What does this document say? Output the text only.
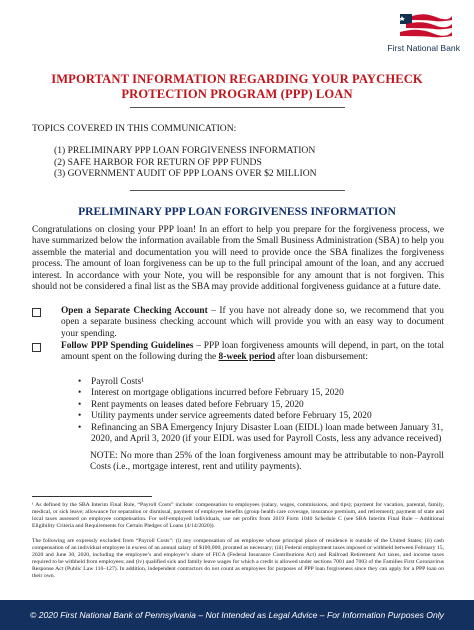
First National Bank
IMPORTANT INFORMATION REGARDING YOUR PAYCHECK
PROTECTION PROGRAM (PPP) LOAN
TOPICS COVERED IN THIS COMMUNICATION:
(1) PRELIMINARY PPP LOAN FORGIVENESS INFORMATION
(2) SAFE HARBOR FOR RETURN OF PPP FUNDS
(3) GOVERNMENT AUDIT OF PPP LOANS OVER $2 MILLION
PRELIMINARY PPP LOAN FORGIVENESS INFORMATION

Congratulations on closing your PPP loan! In an effort to help you prepare for the forgiveness process, we have summarized below the information available from the Small Business Administration (SBA) to help you assemble the material and documentation you will need to provide once the SBA finalizes the forgiveness process. The amount of loan forgiveness can be up to the full principal amount of the loan, and any accrued interest. In accordance with your Note, you will be responsible for any amount that is not forgiven. This should not be considered a final list as the SBA may provide additional forgiveness guidance at a future date.

Open a Separate Checking Account – If you have not already done so, we recommend that you open a separate business checking account which will provide you with an easy way to document your spending.
Follow PPP Spending Guidelines – PPP loan forgiveness amounts will depend, in part, on the total amount spent on the following during the 8-week period after loan disbursement:
• Payroll Costs¹
• Interest on mortgage obligations incurred before February 15, 2020
• Rent payments on leases dated before February 15, 2020
• Utility payments under service agreements dated before February 15, 2020
• Refinancing an SBA Emergency Injury Disaster Loan (EIDL) loan made between January 31, 2020, and April 3, 2020 (if your EIDL was used for Payroll Costs, less any advance received)

NOTE: No more than 25% of the loan forgiveness amount may be attributable to non-Payroll Costs (i.e., mortgage interest, rent and utility payments).

¹ As defined by the SBA Interim Final Rule, “Payroll Costs” include: compensation to employees (salary, wages, commissions, and tips); payment for vacation, parental, family, medical, or sick leave; allowance for separation or dismissal, payment of employee benefits (group health care coverage, insurance premium, and retirement); payment of state and local taxes assessed on employee compensation. For self-employed individuals, use net profits from 2019 Form 1040 Schedule C (see SBA Interim Final Rule – Additional Eligibility Criteria and Requirements for Certain Pledges of Loans (4/14/2020)).

The following are expressly excluded from “Payroll Costs”: (i) any compensation of an employee whose principal place of residence is outside of the United States; (ii) cash compensation of an individual employee in excess of an annual salary of $100,000, prorated as necessary; (iii) Federal employment taxes imposed or withheld between February 15, 2020 and June 30, 2020, including the employee’s and employer’s share of FICA (Federal Insurance Contributions Act) and Railroad Retirement Act taxes, and income taxes required to be withheld from employees; and (iv) qualified sick and family leave wages for which a credit is allowed under sections 7001 and 7003 of the Families First Coronavirus Response Act (Public Law 116–127). In addition, independent contractors do not count as employees for purposes of PPP loan forgiveness since they can apply for a PPP loan on their own.

© 2020 First National Bank of Pennsylvania – Not Intended as Legal Advice – For Information Purposes Only
